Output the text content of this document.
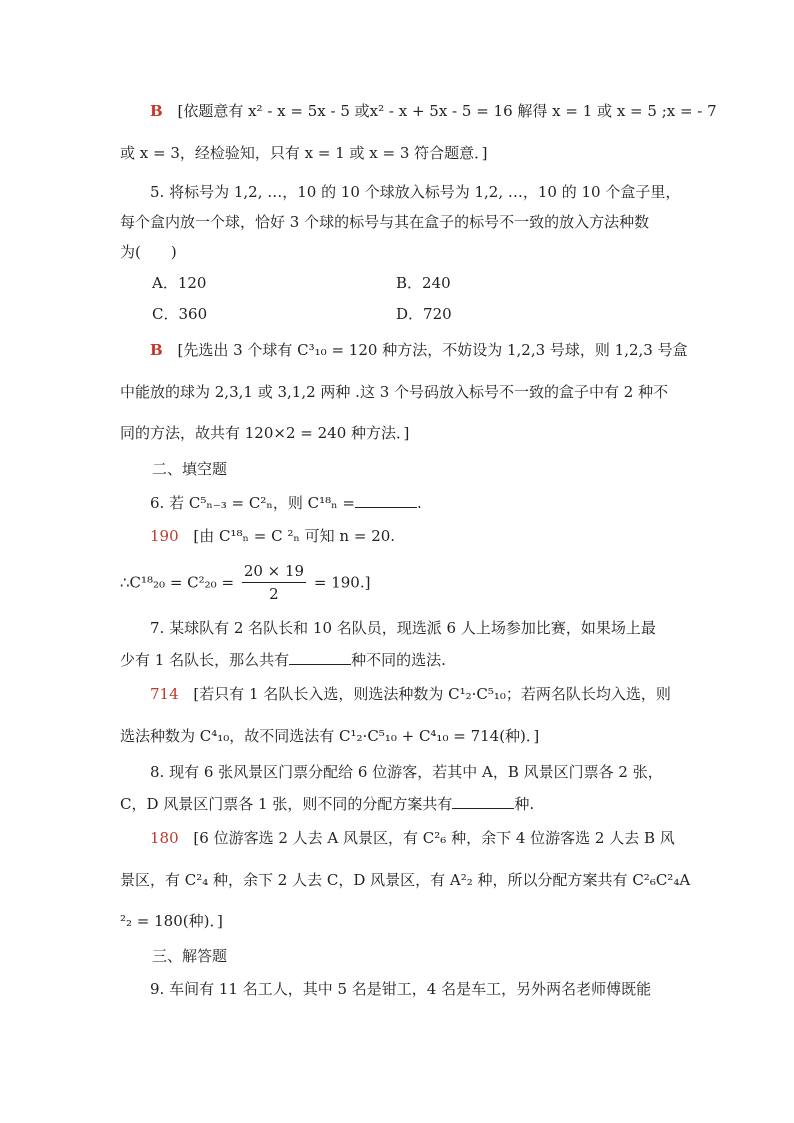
B [依题意有 x² - x = 5x - 5 或x² - x + 5x - 5 = 16 解得 x = 1 或 x = 5 ;x = - 7
或 x = 3，经检验知，只有 x = 1 或 x = 3 符合题意．]
5. 将标号为 1,2, …，10 的 10 个球放入标号为 1,2, …，10 的 10 个盒子里，
每个盒内放一个球，恰好 3 个球的标号与其在盒子的标号不一致的放入方法种数
为(　　)
A．120	B．240
C．360	D．720
B [先选出 3 个球有 C³₁₀ = 120 种方法，不妨设为 1,2,3 号球，则 1,2,3 号盒
中能放的球为 2,3,1 或 3,1,2 两种 .这 3 个号码放入标号不一致的盒子中有 2 种不
同的方法，故共有 120×2 = 240 种方法．]
二、填空题
6. 若 C⁵ₙ₋₃ = C²ₙ，则 C¹⁸ₙ =	.
190 [由 C¹⁸ₙ = C ²ₙ 可知 n = 20.
∴C¹⁸₂₀ = $C^2_{20} = \frac{20 \times 19}{2} = 190$.]
7. 某球队有 2 名队长和 10 名队员，现选派 6 人上场参加比赛，如果场上最
少有 1 名队长，那么共有	种不同的选法.
714 [若只有 1 名队长入选，则选法种数为 C¹₂·C⁵₁₀；若两名队长均入选，则
选法种数为 C⁴₁₀，故不同选法有 C¹₂·C⁵₁₀ + C⁴₁₀ = 714(种)．]
8. 现有 6 张风景区门票分配给 6 位游客，若其中 A，B 风景区门票各 2 张，
C，D 风景区门票各 1 张，则不同的分配方案共有	种.
180 [6 位游客选 2 人去 A 风景区，有 C²₆ 种，余下 4 位游客选 2 人去 B 风
景区，有 C²₄ 种，余下 2 人去 C，D 风景区，有 A²₂ 种，所以分配方案共有 C²₆C²₄A
²₂ = 180(种)．]
三、解答题
9. 车间有 11 名工人，其中 5 名是钳工，4 名是车工，另外两名老师傅既能
